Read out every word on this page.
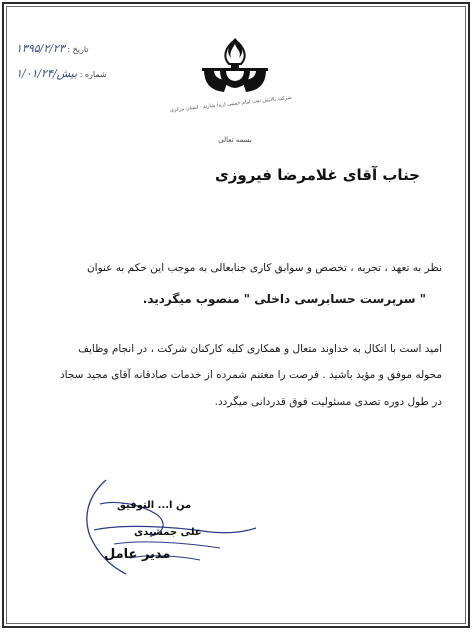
تاریخ : ۱۳۹۵/۲/۲۳
شماره : بیش/۱/۰۱/۲۴
شرکت پالایش نفت امام خمینی (ره) شازند - استان مرکزی
بسمه تعالی
جناب آقای غلامرضا فیروزی
نظر به تعهد ، تجربه ، تخصص و سوابق کاری جنابعالی به موجب این حکم به عنوان
" سرپرست حسابرسی داخلی " منصوب میگردید.
امید است با اتکال به خداوند متعال و همکاری کلیه کارکنان شرکت ، در انجام وظایف
محوله موفق و مؤید باشید . فرصت را مغتنم شمرده از خدمات صادقانه آقای مجید سجاد
در طول دوره تصدی مسئولیت فوق قدردانی میگردد.
من ا... التوفیق
علی جمشیدی
مدیر عامل
